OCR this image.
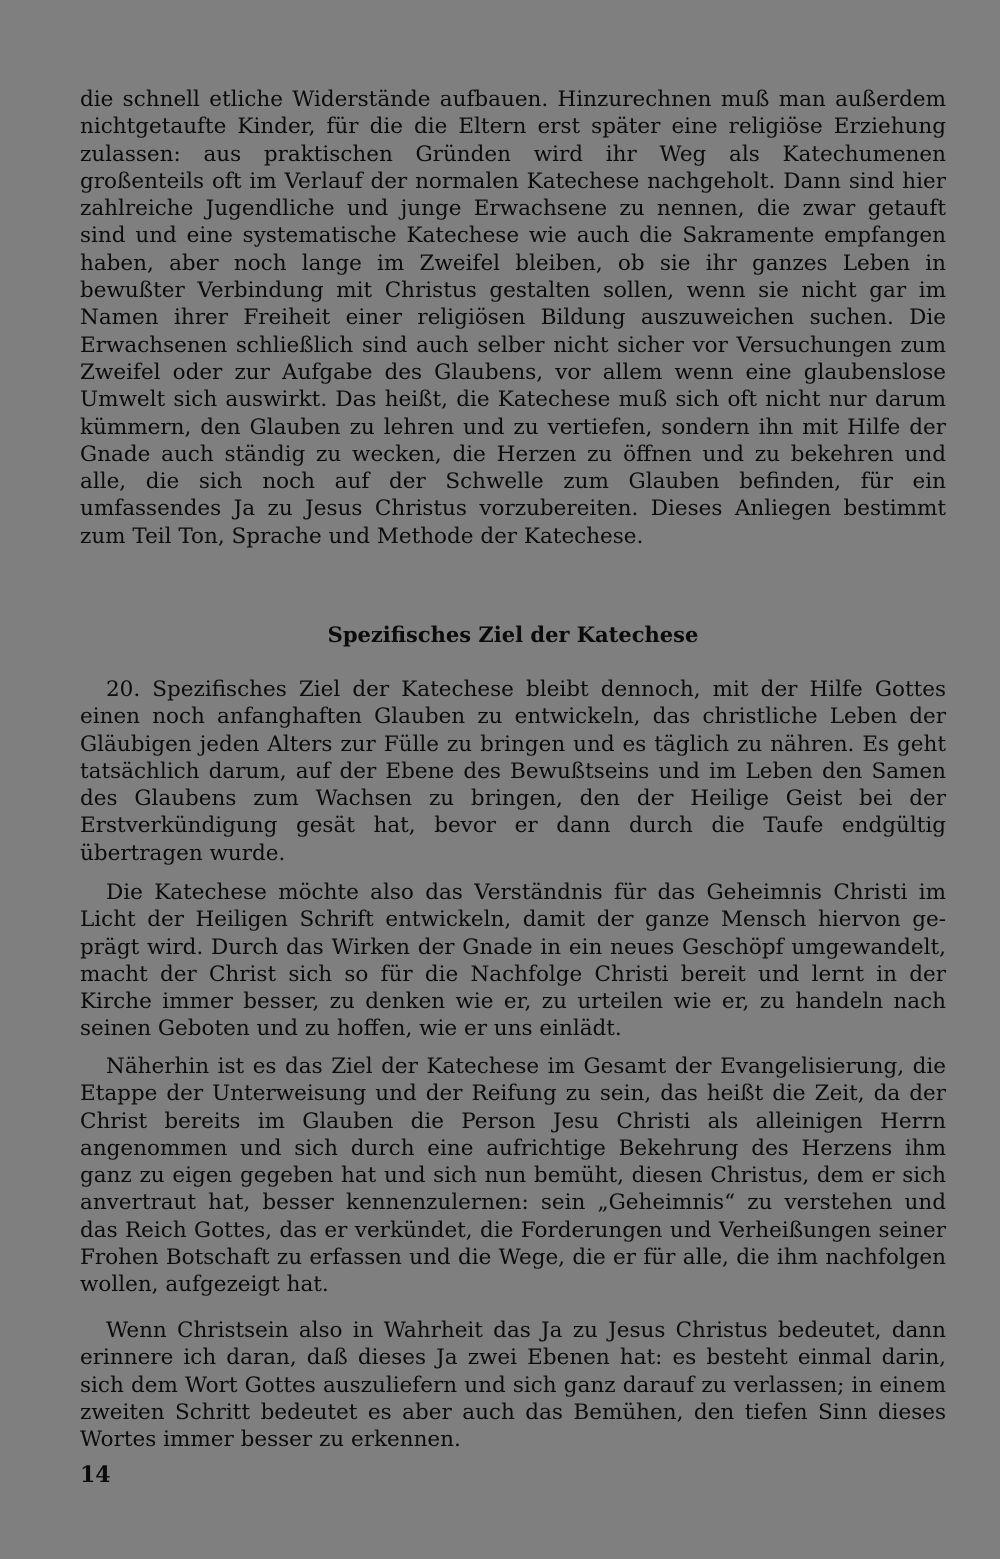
die schnell etliche Widerstände aufbauen. Hinzurechnen muß man außerdem nichtgetaufte Kinder, für die die Eltern erst später eine religiöse Erziehung zulassen: aus praktischen Gründen wird ihr Weg als Katechumenen großenteils oft im Verlauf der normalen Katechese nachgeholt. Dann sind hier zahlreiche Jugendliche und junge Erwachsene zu nennen, die zwar getauft sind und eine systematische Katechese wie auch die Sakramente empfangen haben, aber noch lange im Zweifel bleiben, ob sie ihr ganzes Leben in bewußter Verbindung mit Christus gestalten sollen, wenn sie nicht gar im Namen ihrer Freiheit einer religiösen Bildung auszuweichen suchen. Die Erwachsenen schließlich sind auch selber nicht sicher vor Versuchungen zum Zweifel oder zur Aufgabe des Glaubens, vor allem wenn eine glaubenslose Umwelt sich auswirkt. Das heißt, die Katechese muß sich oft nicht nur darum kümmern, den Glauben zu lehren und zu vertiefen, sondern ihn mit Hilfe der Gnade auch ständig zu wecken, die Herzen zu öffnen und zu bekehren und alle, die sich noch auf der Schwelle zum Glauben befinden, für ein umfassendes Ja zu Jesus Christus vorzubereiten. Dieses Anliegen bestimmt zum Teil Ton, Sprache und Methode der Katechese.

Spezifisches Ziel der Katechese

20. Spezifisches Ziel der Katechese bleibt dennoch, mit der Hilfe Gottes einen noch anfanghaften Glauben zu entwickeln, das christliche Leben der Gläubigen jeden Alters zur Fülle zu bringen und es täglich zu nähren. Es geht tatsächlich darum, auf der Ebene des Bewußtseins und im Leben den Samen des Glaubens zum Wachsen zu bringen, den der Heilige Geist bei der Erstverkündigung gesät hat, bevor er dann durch die Taufe endgültig übertragen wurde.

Die Katechese möchte also das Verständnis für das Geheimnis Christi im Licht der Heiligen Schrift entwickeln, damit der ganze Mensch hiervon geprägt wird. Durch das Wirken der Gnade in ein neues Geschöpf umgewandelt, macht der Christ sich so für die Nachfolge Christi bereit und lernt in der Kirche immer besser, zu denken wie er, zu urteilen wie er, zu handeln nach seinen Geboten und zu hoffen, wie er uns einlädt.

Näherhin ist es das Ziel der Katechese im Gesamt der Evangelisierung, die Etappe der Unterweisung und der Reifung zu sein, das heißt die Zeit, da der Christ bereits im Glauben die Person Jesu Christi als alleinigen Herrn angenommen und sich durch eine aufrichtige Bekehrung des Herzens ihm ganz zu eigen gegeben hat und sich nun bemüht, diesen Christus, dem er sich anvertraut hat, besser kennenzulernen: sein „Geheimnis“ zu verstehen und das Reich Gottes, das er verkündet, die Forderungen und Verheißungen seiner Frohen Botschaft zu erfassen und die Wege, die er für alle, die ihm nachfolgen wollen, aufgezeigt hat.

Wenn Christsein also in Wahrheit das Ja zu Jesus Christus bedeutet, dann erinnere ich daran, daß dieses Ja zwei Ebenen hat: es besteht einmal darin, sich dem Wort Gottes auszuliefern und sich ganz darauf zu verlassen; in einem zweiten Schritt bedeutet es aber auch das Bemühen, den tiefen Sinn dieses Wortes immer besser zu erkennen.

14
